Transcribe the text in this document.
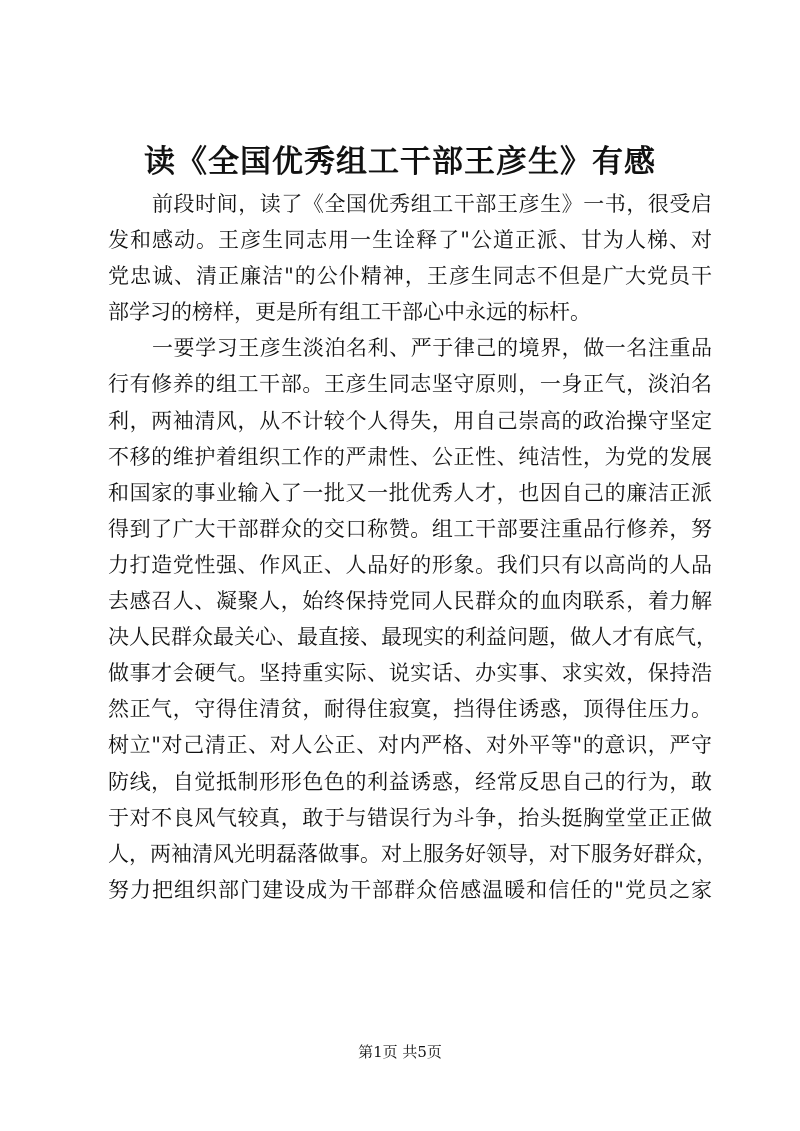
读《全国优秀组工干部王彦生》有感
前段时间，读了《全国优秀组工干部王彦生》一书，很受启
发和感动。王彦生同志用一生诠释了"公道正派、甘为人梯、对
党忠诚、清正廉洁"的公仆精神，王彦生同志不但是广大党员干
部学习的榜样，更是所有组工干部心中永远的标杆。
一要学习王彦生淡泊名利、严于律己的境界，做一名注重品
行有修养的组工干部。王彦生同志坚守原则，一身正气，淡泊名
利，两袖清风，从不计较个人得失，用自己崇高的政治操守坚定
不移的维护着组织工作的严肃性、公正性、纯洁性，为党的发展
和国家的事业输入了一批又一批优秀人才，也因自己的廉洁正派
得到了广大干部群众的交口称赞。组工干部要注重品行修养，努
力打造党性强、作风正、人品好的形象。我们只有以高尚的人品
去感召人、凝聚人，始终保持党同人民群众的血肉联系，着力解
决人民群众最关心、最直接、最现实的利益问题，做人才有底气，
做事才会硬气。坚持重实际、说实话、办实事、求实效，保持浩
然正气，守得住清贫，耐得住寂寞，挡得住诱惑，顶得住压力。
树立"对己清正、对人公正、对内严格、对外平等"的意识，严守
防线，自觉抵制形形色色的利益诱惑，经常反思自己的行为，敢
于对不良风气较真，敢于与错误行为斗争，抬头挺胸堂堂正正做
人，两袖清风光明磊落做事。对上服务好领导，对下服务好群众，
努力把组织部门建设成为干部群众倍感温暖和信任的"党员之家
第1页 共5页
